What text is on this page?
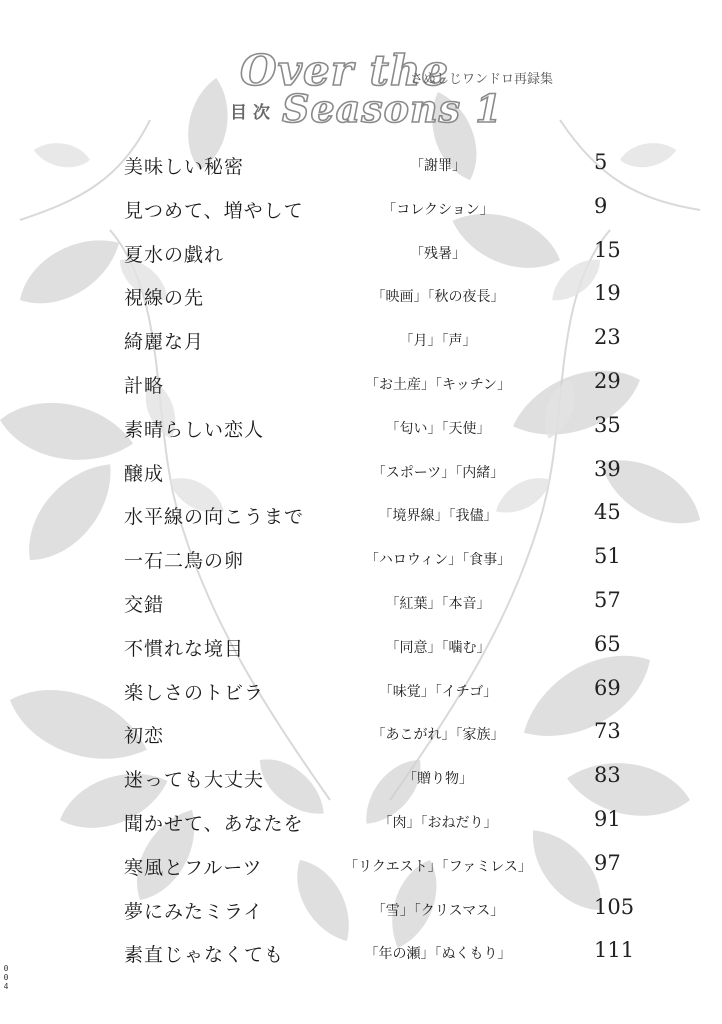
Over the
さぬしじワンドロ再録集
目次 Seasons 1
美味しい秘密	「謝罪」	5
見つめて、増やして	「コレクション」	9
夏水の戯れ	「残暑」	15
視線の先	「映画」「秋の夜長」	19
綺麗な月	「月」「声」	23
計略	「お土産」「キッチン」	29
素晴らしい恋人	「匂い」「天使」	35
醸成	「スポーツ」「内緒」	39
水平線の向こうまで	「境界線」「我儘」	45
一石二鳥の卵	「ハロウィン」「食事」	51
交錯	「紅葉」「本音」	57
不慣れな境目	「同意」「噛む」	65
楽しさのトビラ	「味覚」「イチゴ」	69
初恋	「あこがれ」「家族」	73
迷っても大丈夫	「贈り物」	83
聞かせて、あなたを	「肉」「おねだり」	91
寒風とフルーツ	「リクエスト」「ファミレス」	97
夢にみたミライ	「雪」「クリスマス」	105
素直じゃなくても	「年の瀬」「ぬくもり」	111
004
